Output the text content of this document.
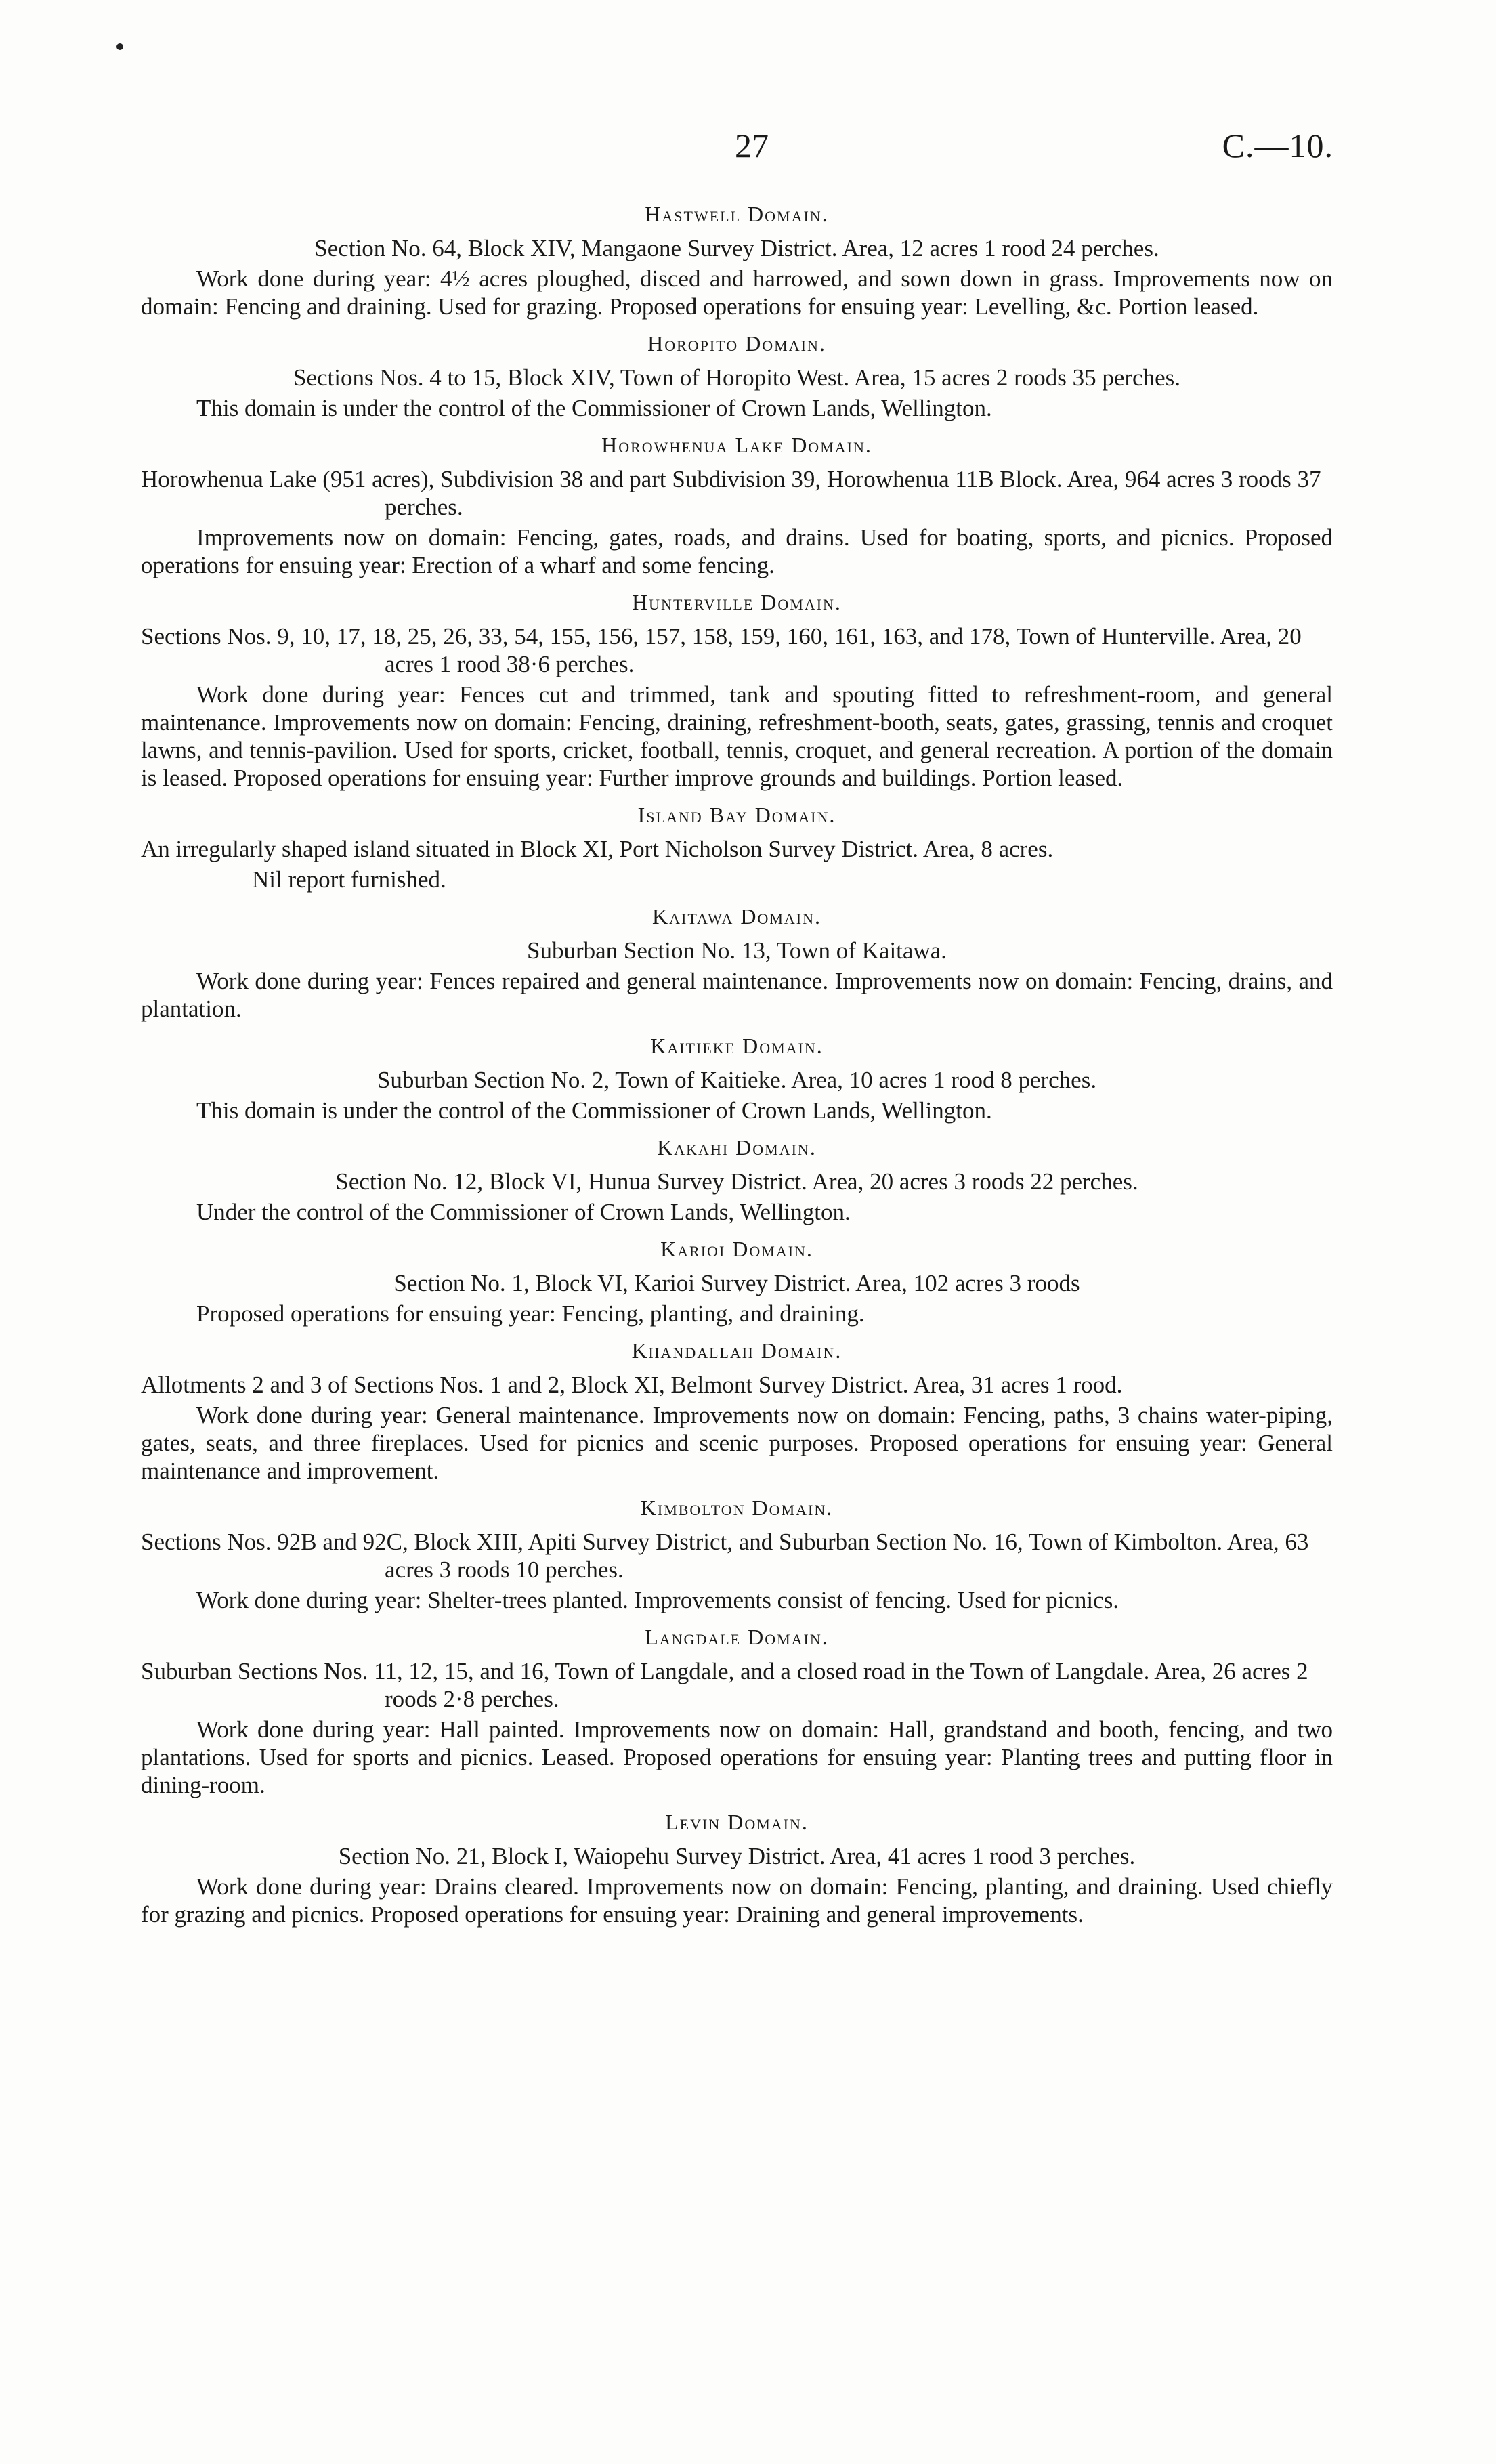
27	C.—10.
Hastwell Domain.

Section No. 64, Block XIV, Mangaone Survey District. Area, 12 acres 1 rood 24 perches.

Work done during year: 4½ acres ploughed, disced and harrowed, and sown down in grass. Improvements now on domain: Fencing and draining. Used for grazing. Proposed operations for ensuing year: Levelling, &c. Portion leased.

Horopito Domain.

Sections Nos. 4 to 15, Block XIV, Town of Horopito West. Area, 15 acres 2 roods 35 perches.

This domain is under the control of the Commissioner of Crown Lands, Wellington.

Horowhenua Lake Domain.

Horowhenua Lake (951 acres), Subdivision 38 and part Subdivision 39, Horowhenua 11B Block. Area, 964 acres 3 roods 37 perches.

Improvements now on domain: Fencing, gates, roads, and drains. Used for boating, sports, and picnics. Proposed operations for ensuing year: Erection of a wharf and some fencing.

Hunterville Domain.

Sections Nos. 9, 10, 17, 18, 25, 26, 33, 54, 155, 156, 157, 158, 159, 160, 161, 163, and 178, Town of Hunterville. Area, 20 acres 1 rood 38·6 perches.

Work done during year: Fences cut and trimmed, tank and spouting fitted to refreshment-room, and general maintenance. Improvements now on domain: Fencing, draining, refreshment-booth, seats, gates, grassing, tennis and croquet lawns, and tennis-pavilion. Used for sports, cricket, football, tennis, croquet, and general recreation. A portion of the domain is leased. Proposed operations for ensuing year: Further improve grounds and buildings. Portion leased.

Island Bay Domain.

An irregularly shaped island situated in Block XI, Port Nicholson Survey District. Area, 8 acres.

Nil report furnished.

Kaitawa Domain.

Suburban Section No. 13, Town of Kaitawa.

Work done during year: Fences repaired and general maintenance. Improvements now on domain: Fencing, drains, and plantation.

Kaitieke Domain.

Suburban Section No. 2, Town of Kaitieke. Area, 10 acres 1 rood 8 perches.

This domain is under the control of the Commissioner of Crown Lands, Wellington.

Kakahi Domain.

Section No. 12, Block VI, Hunua Survey District. Area, 20 acres 3 roods 22 perches.

Under the control of the Commissioner of Crown Lands, Wellington.

Karioi Domain.

Section No. 1, Block VI, Karioi Survey District. Area, 102 acres 3 roods

Proposed operations for ensuing year: Fencing, planting, and draining.

Khandallah Domain.

Allotments 2 and 3 of Sections Nos. 1 and 2, Block XI, Belmont Survey District. Area, 31 acres 1 rood.

Work done during year: General maintenance. Improvements now on domain: Fencing, paths, 3 chains water-piping, gates, seats, and three fireplaces. Used for picnics and scenic purposes. Proposed operations for ensuing year: General maintenance and improvement.

Kimbolton Domain.

Sections Nos. 92B and 92C, Block XIII, Apiti Survey District, and Suburban Section No. 16, Town of Kimbolton. Area, 63 acres 3 roods 10 perches.

Work done during year: Shelter-trees planted. Improvements consist of fencing. Used for picnics.

Langdale Domain.

Suburban Sections Nos. 11, 12, 15, and 16, Town of Langdale, and a closed road in the Town of Langdale. Area, 26 acres 2 roods 2·8 perches.

Work done during year: Hall painted. Improvements now on domain: Hall, grandstand and booth, fencing, and two plantations. Used for sports and picnics. Leased. Proposed operations for ensuing year: Planting trees and putting floor in dining-room.

Levin Domain.

Section No. 21, Block I, Waiopehu Survey District. Area, 41 acres 1 rood 3 perches.

Work done during year: Drains cleared. Improvements now on domain: Fencing, planting, and draining. Used chiefly for grazing and picnics. Proposed operations for ensuing year: Draining and general improvements.
